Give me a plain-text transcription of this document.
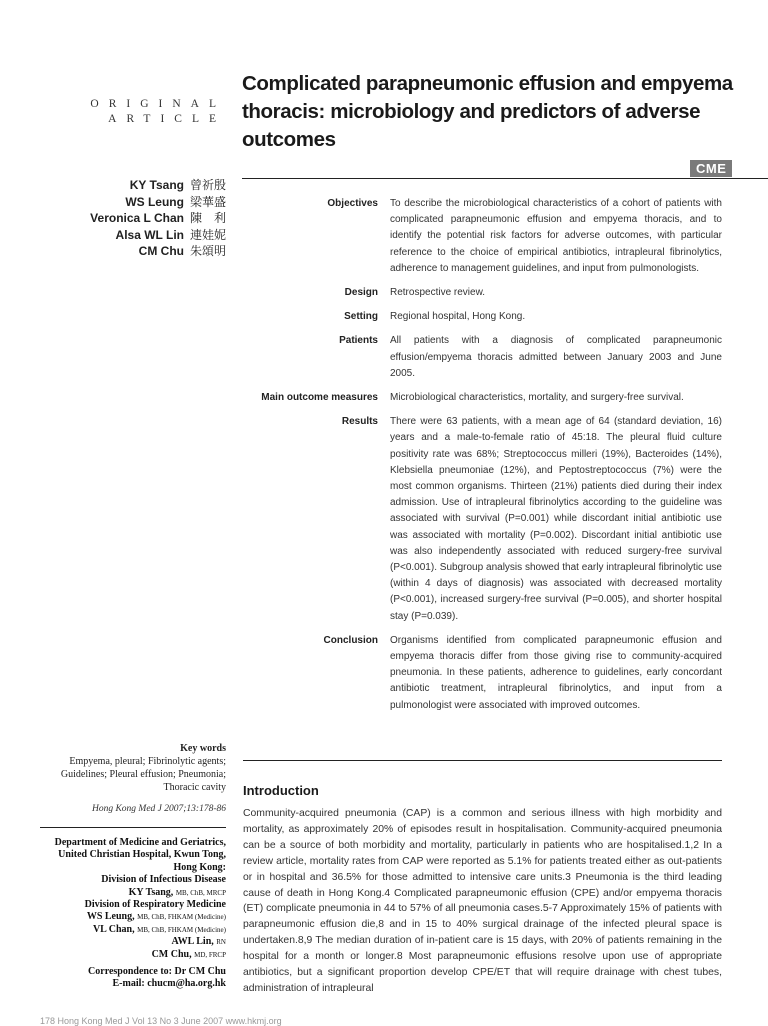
ORIGINAL
ARTICLE
Complicated parapneumonic effusion and empyema thoracis: microbiology and predictors of adverse outcomes
CME
KY Tsang 曾祈殷
WS Leung 梁華盛
Veronica L Chan 陳　利
Alsa WL Lin 連娃妮
CM Chu 朱頌明
Objectives To describe the microbiological characteristics of a cohort of patients with complicated parapneumonic effusion and empyema thoracis, and to identify the potential risk factors for adverse outcomes, with particular reference to the choice of empirical antibiotics, intrapleural fibrinolytics, adherence to management guidelines, and input from pulmonologists.
Design Retrospective review.
Setting Regional hospital, Hong Kong.
Patients All patients with a diagnosis of complicated parapneumonic effusion/empyema thoracis admitted between January 2003 and June 2005.
Main outcome measures Microbiological characteristics, mortality, and surgery-free survival.
Results There were 63 patients, with a mean age of 64 (standard deviation, 16) years and a male-to-female ratio of 45:18. The pleural fluid culture positivity rate was 68%; Streptococcus milleri (19%), Bacteroides (14%), Klebsiella pneumoniae (12%), and Peptostreptococcus (7%) were the most common organisms. Thirteen (21%) patients died during their index admission. Use of intrapleural fibrinolytics according to the guideline was associated with survival (P=0.001) while discordant initial antibiotic use was associated with mortality (P=0.002). Discordant initial antibiotic use was also independently associated with reduced surgery-free survival (P<0.001). Subgroup analysis showed that early intrapleural fibrinolytic use (within 4 days of diagnosis) was associated with decreased mortality (P<0.001), increased surgery-free survival (P=0.005), and shorter hospital stay (P=0.039).
Conclusion Organisms identified from complicated parapneumonic effusion and empyema thoracis differ from those giving rise to community-acquired pneumonia. In these patients, adherence to guidelines, early concordant antibiotic treatment, intrapleural fibrinolytics, and input from a pulmonologist were associated with improved outcomes.
Key words
Empyema, pleural; Fibrinolytic agents; Guidelines; Pleural effusion; Pneumonia; Thoracic cavity
Hong Kong Med J 2007;13:178-86
Department of Medicine and Geriatrics,
United Christian Hospital, Kwun Tong,
Hong Kong:
Division of Infectious Disease
KY Tsang, MB, ChB, MRCP
Division of Respiratory Medicine
WS Leung, MB, ChB, FHKAM (Medicine)
VL Chan, MB, ChB, FHKAM (Medicine)
AWL Lin, RN
CM Chu, MD, FRCP
Correspondence to: Dr CM Chu
E-mail: chucm@ha.org.hk
Introduction
Community-acquired pneumonia (CAP) is a common and serious illness with high morbidity and mortality, as approximately 20% of episodes result in hospitalisation. Community-acquired pneumonia can be a source of both morbidity and mortality, particularly in patients who are hospitalised.1,2 In a review article, mortality rates from CAP were reported as 5.1% for patients treated either as out-patients or in hospital and 36.5% for those admitted to intensive care units.3 Pneumonia is the third leading cause of death in Hong Kong.4 Complicated parapneumonic effusion (CPE) and/or empyema thoracis (ET) complicate pneumonia in 44 to 57% of all pneumonia cases.5-7 Approximately 15% of patients with parapneumonic effusion die,8 and in 15 to 40% surgical drainage of the infected pleural space is undertaken.8,9 The median duration of in-patient care is 15 days, with 20% of patients remaining in the hospital for a month or longer.8 Most parapneumonic effusions resolve upon use of appropriate antibiotics, but a significant proportion develop CPE/ET that will require drainage with chest tubes, administration of intrapleural
178 Hong Kong Med J Vol 13 No 3 June 2007 www.hkmj.org
